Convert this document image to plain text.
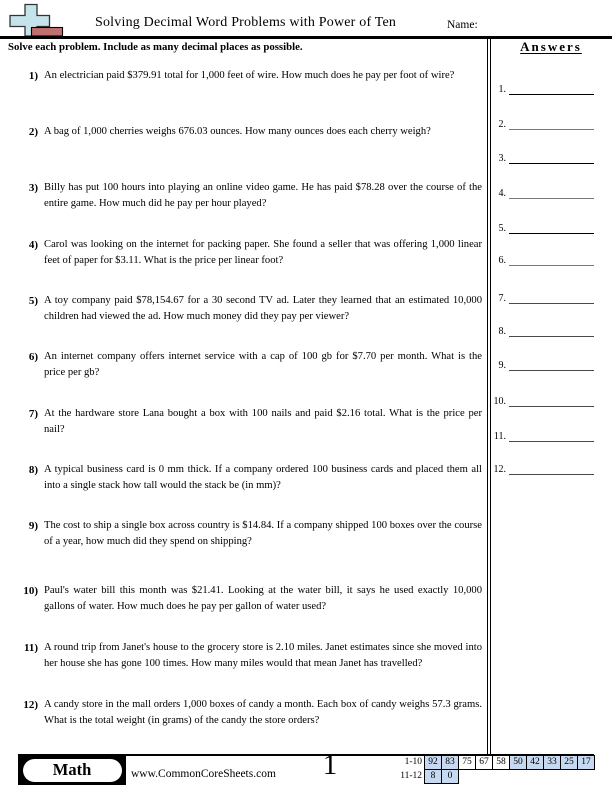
Solving Decimal Word Problems with Power of Ten	Name:
Solve each problem. Include as many decimal places as possible.	Answers
1.
2.
3.
4.
5.
6.
7.
8.
9.
10.
11.
12.
1) An electrician paid $379.91 total for 1,000 feet of wire. How much does he pay per foot of wire?
2) A bag of 1,000 cherries weighs 676.03 ounces. How many ounces does each cherry weigh?
3) Billy has put 100 hours into playing an online video game. He has paid $78.28 over the course of the entire game. How much did he pay per hour played?
4) Carol was looking on the internet for packing paper. She found a seller that was offering 1,000 linear feet of paper for $3.11. What is the price per linear foot?
5) A toy company paid $78,154.67 for a 30 second TV ad. Later they learned that an estimated 10,000 children had viewed the ad. How much money did they pay per viewer?
6) An internet company offers internet service with a cap of 100 gb for $7.70 per month. What is the price per gb?
7) At the hardware store Lana bought a box with 100 nails and paid $2.16 total. What is the price per nail?
8) A typical business card is 0 mm thick. If a company ordered 100 business cards and placed them all into a single stack how tall would the stack be (in mm)?
9) The cost to ship a single box across country is $14.84. If a company shipped 100 boxes over the course of a year, how much did they spend on shipping?
10) Paul's water bill this month was $21.41. Looking at the water bill, it says he used exactly 10,000 gallons of water. How much does he pay per gallon of water used?
11) A round trip from Janet's house to the grocery store is 2.10 miles. Janet estimates since she moved into her house she has gone 100 times. How many miles would that mean Janet has travelled?
12) A candy store in the mall orders 1,000 boxes of candy a month. Each box of candy weighs 57.3 grams. What is the total weight (in grams) of the candy the store orders?
Math	www.CommonCoreSheets.com	1	1-10 92 83 75 67 58 50 42 33 25 17
11-12 8 0
